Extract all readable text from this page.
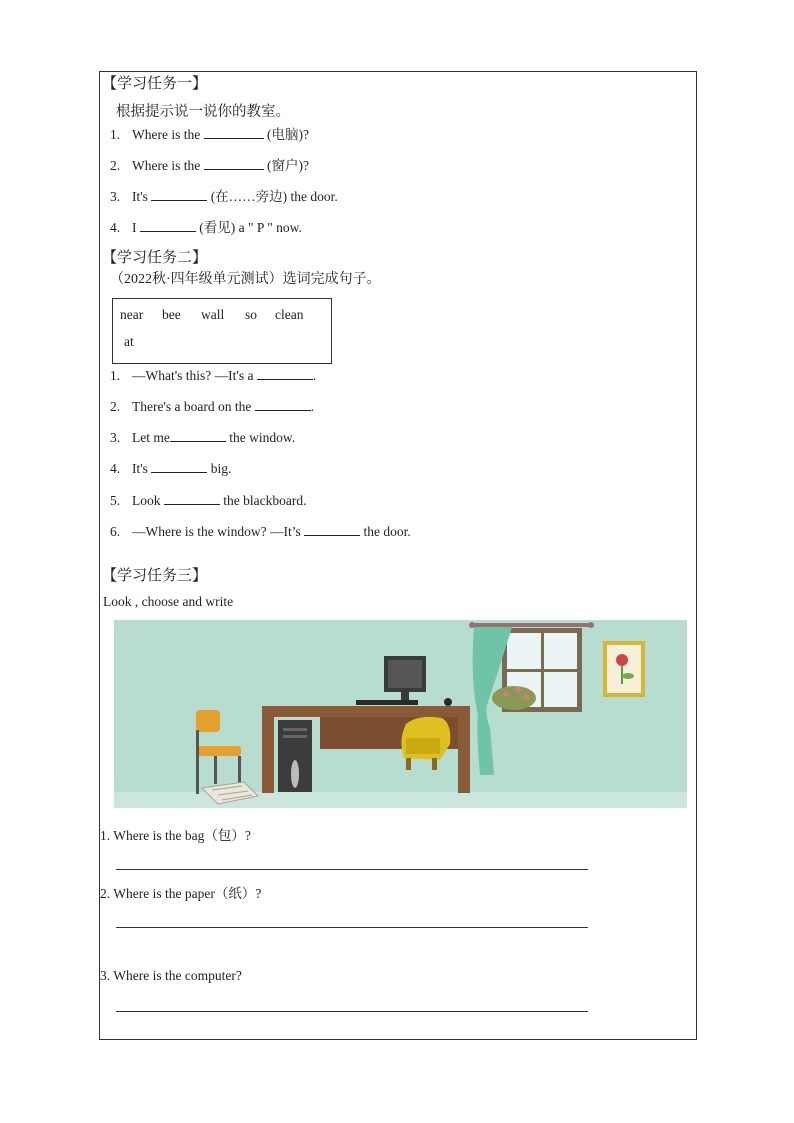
【学习任务一】
根据提示说一说你的教室。
1. Where is the	(电脑)?
2. Where is the	(窗户)?
3. It's	(在……旁边) the door.
4. I	(看见) a " P " now.
【学习任务二】
（2022秋·四年级单元测试）选词完成句子。
near bee wall so clean
at
1. —What's this? —It's a	.
2. There's a board on the	.
3. Let me	the window.
4. It's	big.
5. Look	the blackboard.
6. —Where is the window? —It’s	the door.
【学习任务三】
Look , choose and write
1. Where is the bag（包）?
2. Where is the paper（纸）?
3. Where is the computer?
